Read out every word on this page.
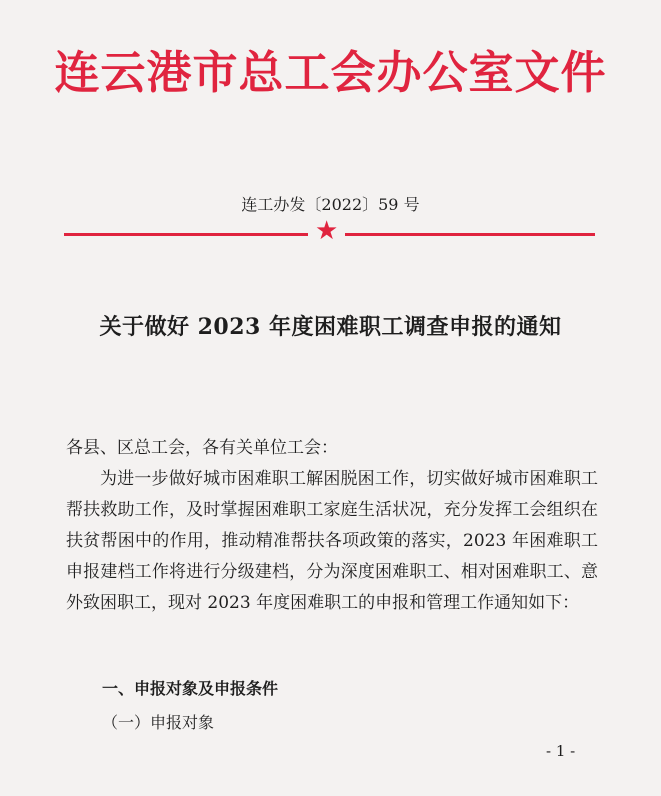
连云港市总工会办公室文件
连工办发〔2022〕59 号
★
关于做好 2023 年度困难职工调查申报的通知
各县、区总工会，各有关单位工会：
为进一步做好城市困难职工解困脱困工作，切实做好城市困难职工帮扶救助工作，及时掌握困难职工家庭生活状况，充分发挥工会组织在扶贫帮困中的作用，推动精准帮扶各项政策的落实，2023 年困难职工申报建档工作将进行分级建档，分为深度困难职工、相对困难职工、意外致困职工，现对 2023 年度困难职工的申报和管理工作通知如下：
一、申报对象及申报条件
（一）申报对象
- 1 -
